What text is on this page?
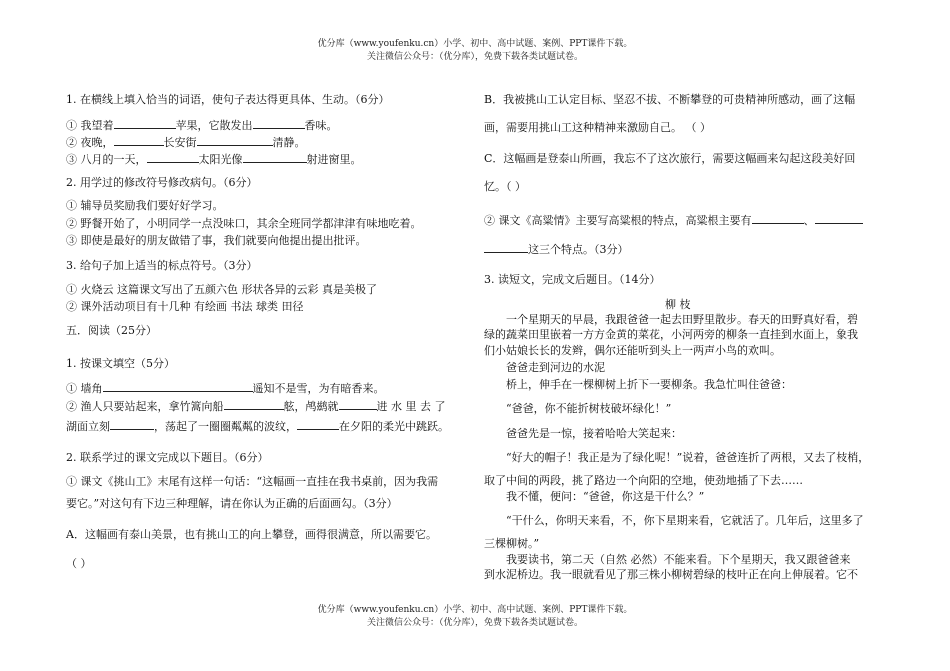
优分库（www.youfenku.cn）小学、初中、高中试题、案例、PPT课件下载。
关注微信公众号：（优分库），免费下载各类试题试卷。
1. 在横线上填入恰当的词语，使句子表达得更具体、生动。（6分）
① 我望着	苹果，它散发出	香味。
② 夜晚，	长安街	清静。
③ 八月的一天，	太阳光像	射进窗里。
2. 用学过的修改符号修改病句。（6分）
① 辅导员奖励我们要好好学习。
② 野餐开始了，小明同学一点没味口，其余全班同学都津津有味地吃着。
③ 即使是最好的朋友做错了事，我们就要向他提出提出批评。
3. 给句子加上适当的标点符号。（3分）
① 火烧云 这篇课文写出了五颜六色 形状各异的云彩 真是美极了
② 课外活动项目有十几种 有绘画 书法 球类 田径
五．阅读（25分）
1. 按课文填空（5分）
① 墙角	遥知不是雪，为有暗香来。
② 渔人只要站起来，拿竹篙向船	舷，鸬鹚就	进 水 里 去 了
湖面立刻	，荡起了一圈圈粼粼的波纹，	在夕阳的柔光中跳跃。
2. 联系学过的课文完成以下题目。（6分）
① 课文《挑山工》末尾有这样一句话：“这幅画一直挂在我书桌前，因为我需
要它。”对这句有下边三种理解，请在你认为正确的后面画勾。（3分）
A．这幅画有泰山美景，也有挑山工的向上攀登，画得很满意，所以需要它。
（ ）
B．我被挑山工认定目标、坚忍不拔、不断攀登的可贵精神所感动，画了这幅
画，需要用挑山工这种精神来激励自己。 （ ）
C．这幅画是登泰山所画，我忘不了这次旅行，需要这幅画来勾起这段美好回
忆。（ ）
② 课文《高粱情》主要写高粱根的特点，高粱根主要有	、
这三个特点。（3分）
3. 读短文，完成文后题目。（14分）
柳 枝
一个星期天的早晨，我跟爸爸一起去田野里散步。春天的田野真好看，碧
绿的蔬菜田里嵌着一方方金黄的菜花，小河两旁的柳条一直挂到水面上，象我
们小姑娘长长的发辫，偶尔还能听到头上一两声小鸟的欢叫。
爸爸走到河边的水泥
桥上，伸手在一棵柳树上折下一要柳条。我急忙叫住爸爸：
“爸爸，你不能折树枝破坏绿化！”
爸爸先是一惊，接着哈哈大笑起来：
“好大的帽子！我正是为了绿化呢！”说着，爸爸连折了两根，又去了枝梢，
取了中间的两段，挑了路边一个向阳的空地，使劲地插了下去……
我不懂，便问：“爸爸，你这是干什么？”
“干什么，你明天来看，不，你下星期来看，它就活了。几年后，这里多了
三棵柳树。”
我要读书，第二天（自然 必然）不能来看。下个星期天，我又跟爸爸来
到水泥桥边。我一眼就看见了那三株小柳树碧绿的枝叶正在向上伸展着。它不
优分库（www.youfenku.cn）小学、初中、高中试题、案例、PPT课件下载。
关注微信公众号：（优分库），免费下载各类试题试卷。
